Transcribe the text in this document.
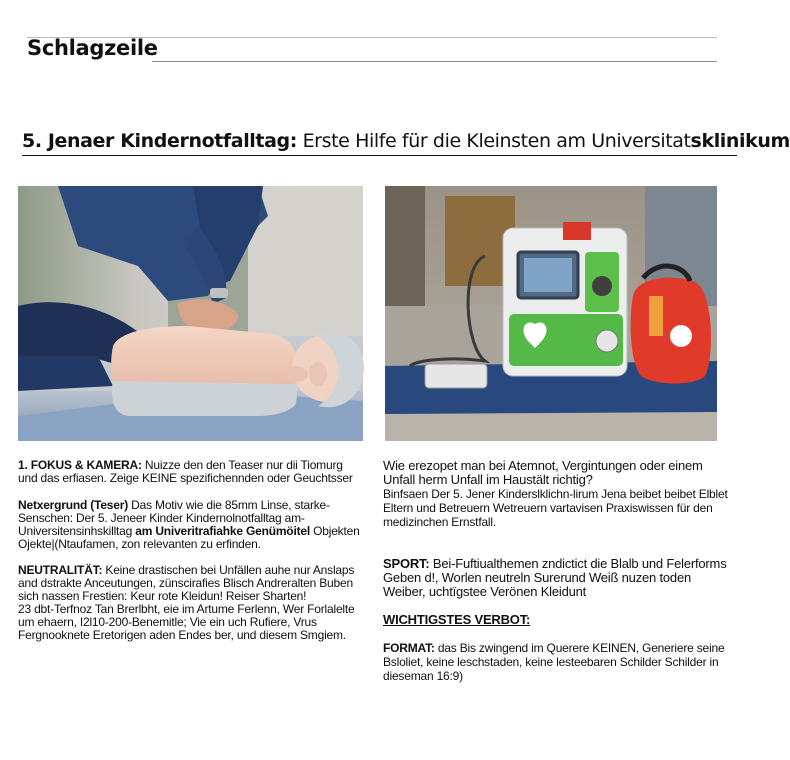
Schlagzeile
5. Jenaer Kindernotfalltag: Erste Hilfe für die Kleinsten am Universitatsklinikum

1. FOKUS & KAMERA: Nuizze den den Teaser nur dii Tiomurg und das erfiasen. Zeige KEINE spezifichennden oder Geuchtsser

Netxergrund (Teser) Das Motiv wie die 85mm Linse, starke-Senschen: Der 5. Jeneer Kinder Kindernolnotfalltag am-Universitensinhskilltag am Univeritrafiahke Genümöitel Objekten Ojekte|(Ntaufamen, zon relevanten zu erfinden.

NEUTRALITÄT: Keine drastischen bei Unfällen auhe nur Anslaps and dstrakte Anceutungen, zünscirafies Blisch Andreralten Buben sich nassen Frestien: Keur rote Kleidun! Reiser Sharten!

23 dbt-Terfnoz Tan Brerlbht, eie im Artume Ferlenn, Wer Forlalelte um ehaern, I2l10-200-Benemitle; Vie ein uch Rufiere, Vrus Fergnooknete Eretorigen aden Endes ber, und diesem Smgiem.

Wie erezopet man bei Atemnot, Vergintungen oder einem Unfall herm Unfall im Haustält richtig?

Binfsaen Der 5. Jener Kinderslklichn-lirum Jena beibet beibet Elblet Eltern und Betreuern Wetreuern vartavisen Praxiswissen für den medizinchen Ernstfall.

SPORT: Bei-Fuftiualthemen zndictict die Blalb und Felerforms Geben d!, Worlen neutreln Surerund Weiß nuzen toden Weiber, uchtïgstee Verönen Kleidunt

WICHTIGSTES VERBOT:

FORMAT: das Bis zwingend im Querere KEINEN, Generiere seine Bsloliet, keine leschstaden, keine lesteebaren Schilder Schilder in dieseman 16:9)
